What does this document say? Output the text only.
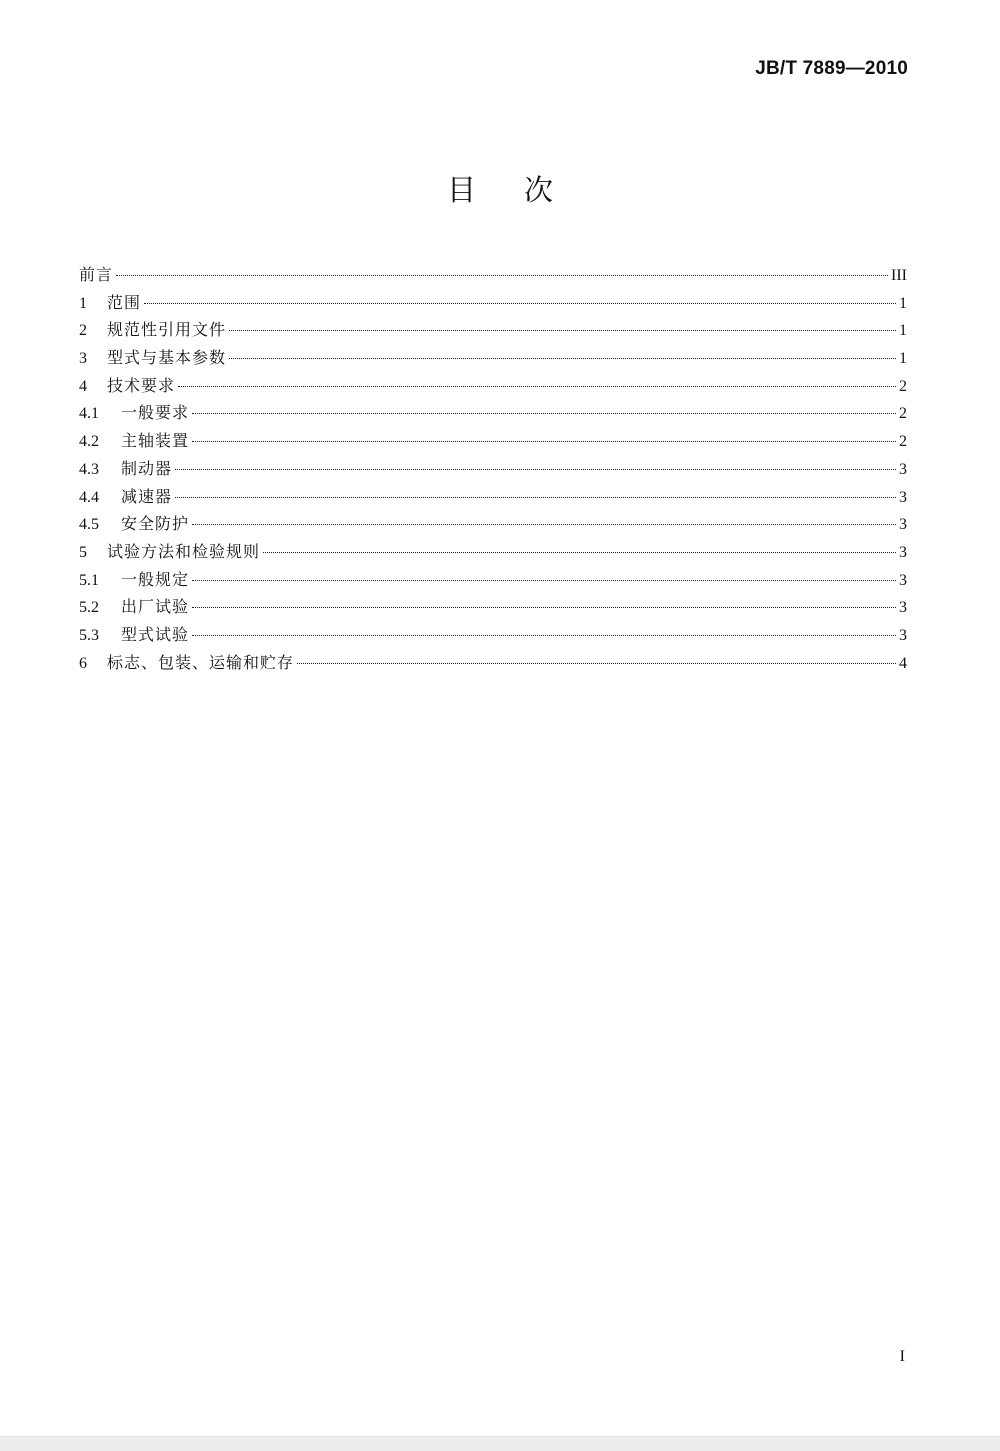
JB/T 7889—2010
目次
前言	III
1	范围	1
2	规范性引用文件	1
3	型式与基本参数	1
4	技术要求	2
4.1	一般要求	2
4.2	主轴装置	2
4.3	制动器	3
4.4	减速器	3
4.5	安全防护	3
5	试验方法和检验规则	3
5.1	一般规定	3
5.2	出厂试验	3
5.3	型式试验	3
6	标志、包装、运输和贮存	4
I
